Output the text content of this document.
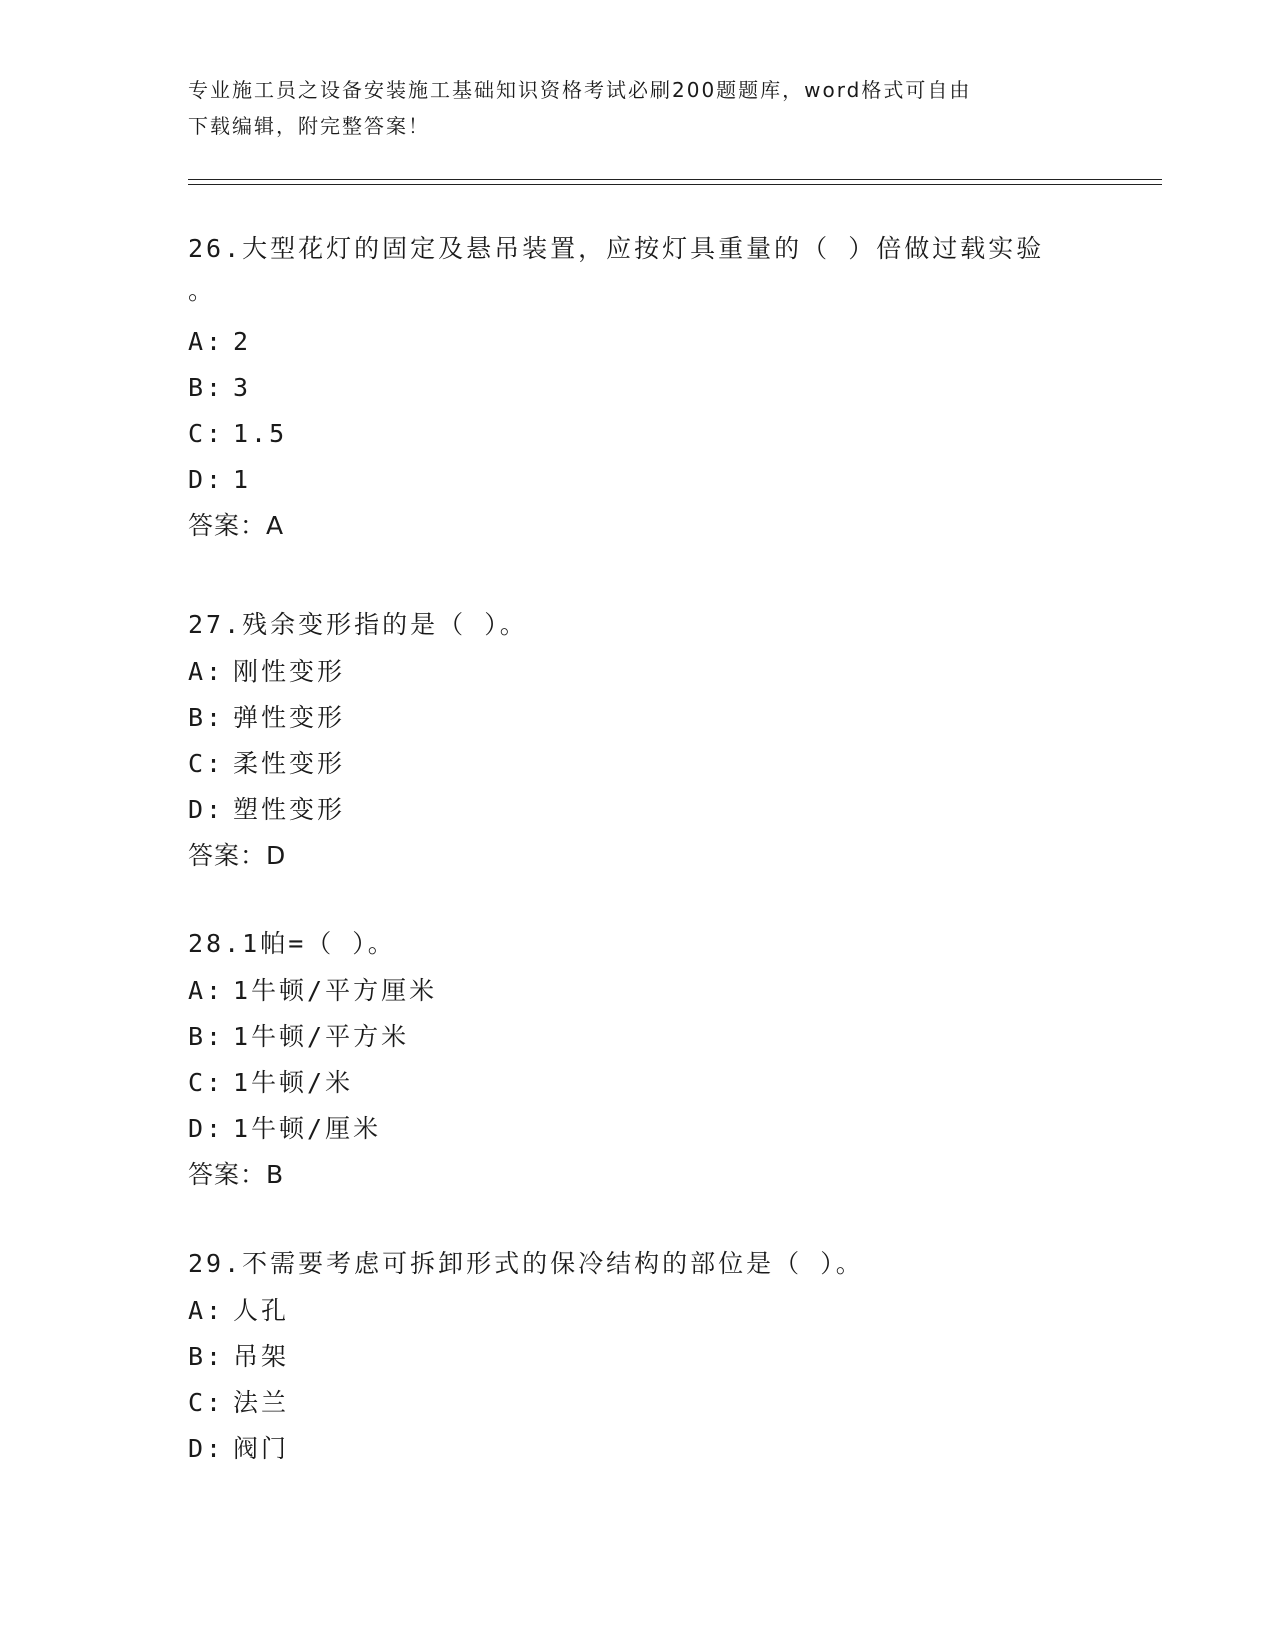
专业施工员之设备安装施工基础知识资格考试必刷200题题库，word格式可自由
下载编辑，附完整答案！
26.大型花灯的固定及悬吊装置，应按灯具重量的（ ）倍做过载实验
。
A: 2
B: 3
C: 1.5
D: 1
答案：A
27.残余变形指的是（ ）。
A: 刚性变形
B: 弹性变形
C: 柔性变形
D: 塑性变形
答案：D
28.1帕=（ ）。
A: 1牛顿/平方厘米
B: 1牛顿/平方米
C: 1牛顿/米
D: 1牛顿/厘米
答案：B
29.不需要考虑可拆卸形式的保冷结构的部位是（ ）。
A: 人孔
B: 吊架
C: 法兰
D: 阀门
